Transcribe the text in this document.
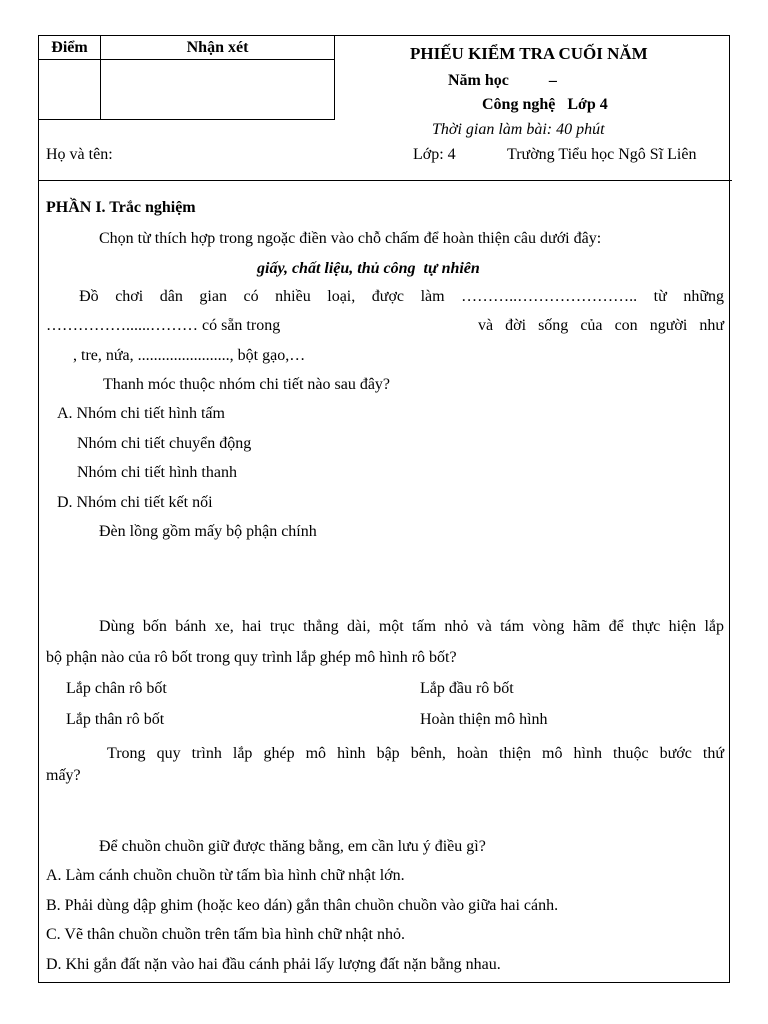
Điểm	Nhận xét
		PHIẾU KIỂM TRA CUỐI NĂM
Năm học          –
Công nghệ   Lớp 4
Thời gian làm bài: 40 phút
Họ và tên:	Lớp: 4	Trường Tiểu học Ngô Sĩ Liên
PHẦN I. Trắc nghiệm
Chọn từ thích hợp trong ngoặc điền vào chỗ chấm để hoàn thiện câu dưới đây:
giấy, chất liệu, thủ công  tự nhiên
Đồ chơi dân gian có nhiều loại, được làm ………..………………….. từ những
……………......……… có sẵn trong	và đời sống của con người như
, tre, nứa, ......................., bột gạo,…
Thanh móc thuộc nhóm chi tiết nào sau đây?
A. Nhóm chi tiết hình tấm
Nhóm chi tiết chuyển động
Nhóm chi tiết hình thanh
D. Nhóm chi tiết kết nối
Đèn lồng gồm mấy bộ phận chính
Dùng bốn bánh xe, hai trục thẳng dài, một tấm nhỏ và tám vòng hãm để thực hiện lắp
bộ phận nào của rô bốt trong quy trình lắp ghép mô hình rô bốt?
Lắp chân rô bốt	Lắp đầu rô bốt
Lắp thân rô bốt	Hoàn thiện mô hình
Trong quy trình lắp ghép mô hình bập bênh, hoàn thiện mô hình thuộc bước thứ
mấy?
Để chuồn chuồn giữ được thăng bằng, em cần lưu ý điều gì?
A. Làm cánh chuồn chuồn từ tấm bìa hình chữ nhật lớn.
B. Phải dùng dập ghim (hoặc keo dán) gắn thân chuồn chuồn vào giữa hai cánh.
C. Vẽ thân chuồn chuồn trên tấm bìa hình chữ nhật nhỏ.
D. Khi gắn đất nặn vào hai đầu cánh phải lấy lượng đất nặn bằng nhau.
